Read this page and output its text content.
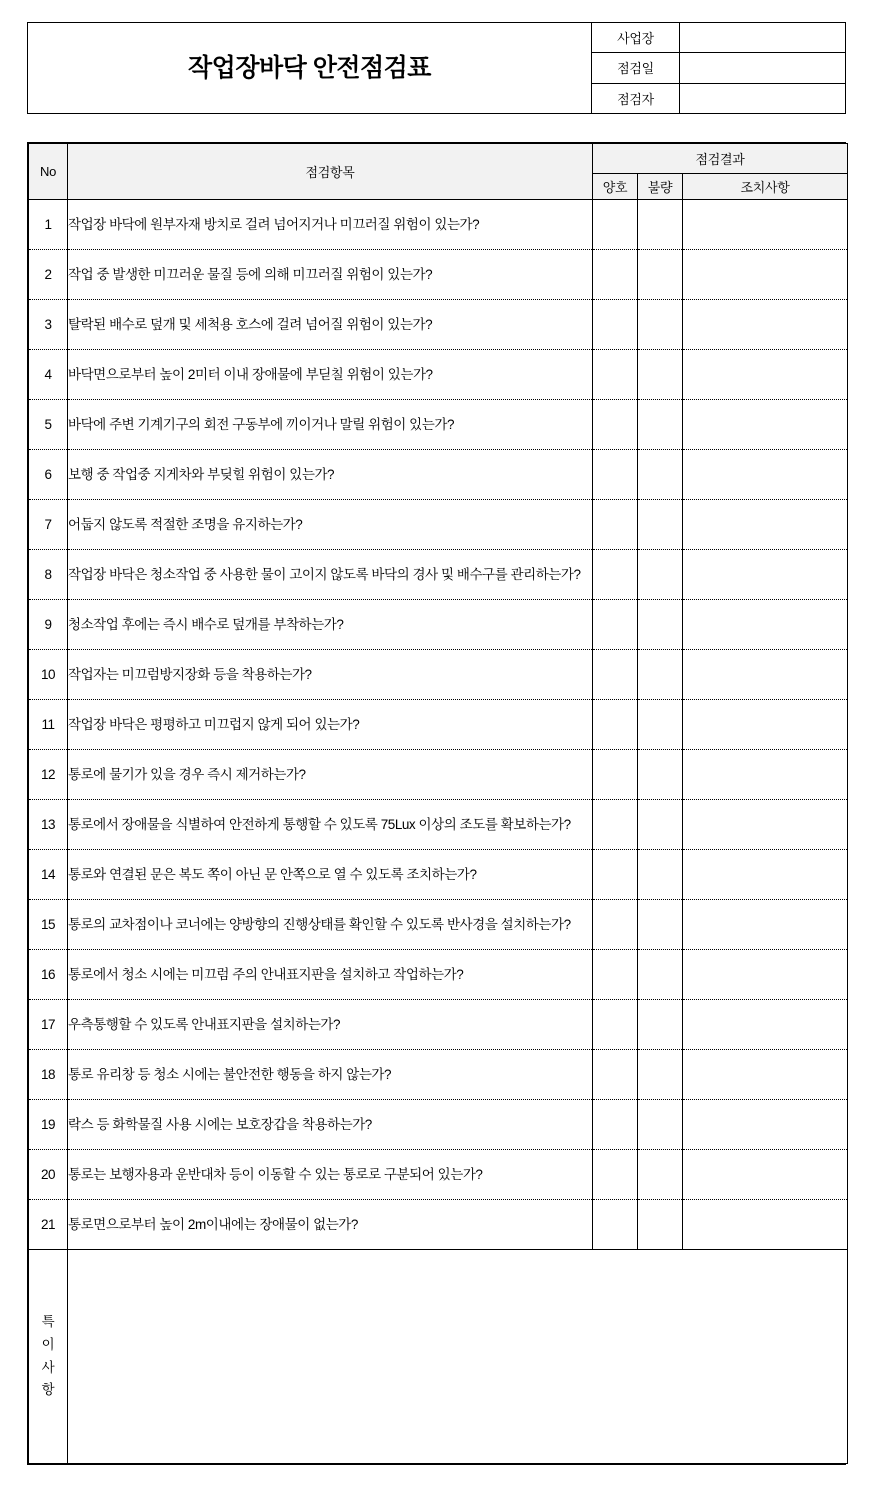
작업장바닥 안전점검표
사업장
점검일
점검자
No	점검항목	점검결과		
		양호	불량	조치사항
1	작업장 바닥에 원부자재 방치로 걸려 넘어지거나 미끄러질 위험이 있는가?			
2	작업 중 발생한 미끄러운 물질 등에 의해 미끄러질 위험이 있는가?			
3	탈락된 배수로 덮개 및 세척용 호스에 걸려 넘어질 위험이 있는가?			
4	바닥면으로부터 높이 2미터 이내 장애물에 부딛칠 위험이 있는가?			
5	바닥에 주변 기계기구의 회전 구동부에 끼이거나 말릴 위험이 있는가?			
6	보행 중 작업중 지게차와 부딪힐 위험이 있는가?			
7	어둡지 않도록 적절한 조명을 유지하는가?			
8	작업장 바닥은 청소작업 중 사용한 물이 고이지 않도록 바닥의 경사 및 배수구를 관리하는가?			
9	청소작업 후에는 즉시 배수로 덮개를 부착하는가?			
10	작업자는 미끄럼방지장화 등을 착용하는가?			
11	작업장 바닥은 평평하고 미끄럽지 않게 되어 있는가?			
12	통로에 물기가 있을 경우 즉시 제거하는가?			
13	통로에서 장애물을 식별하여 안전하게 통행할 수 있도록 75Lux 이상의 조도를 확보하는가?			
14	통로와 연결된 문은 복도 쪽이 아닌 문 안쪽으로 열 수 있도록 조치하는가?			
15	통로의 교차점이나 코너에는 양방향의 진행상태를 확인할 수 있도록 반사경을 설치하는가?			
16	통로에서 청소 시에는 미끄럼 주의 안내표지판을 설치하고 작업하는가?			
17	우측통행할 수 있도록 안내표지판을 설치하는가?			
18	통로 유리창 등 청소 시에는 불안전한 행동을 하지 않는가?			
19	락스 등 화학물질 사용 시에는 보호장갑을 착용하는가?			
20	통로는 보행자용과 운반대차 등이 이동할 수 있는 통로로 구분되어 있는가?			
21	통로면으로부터 높이 2m이내에는 장애물이 없는가?			

특
이
사
항				
